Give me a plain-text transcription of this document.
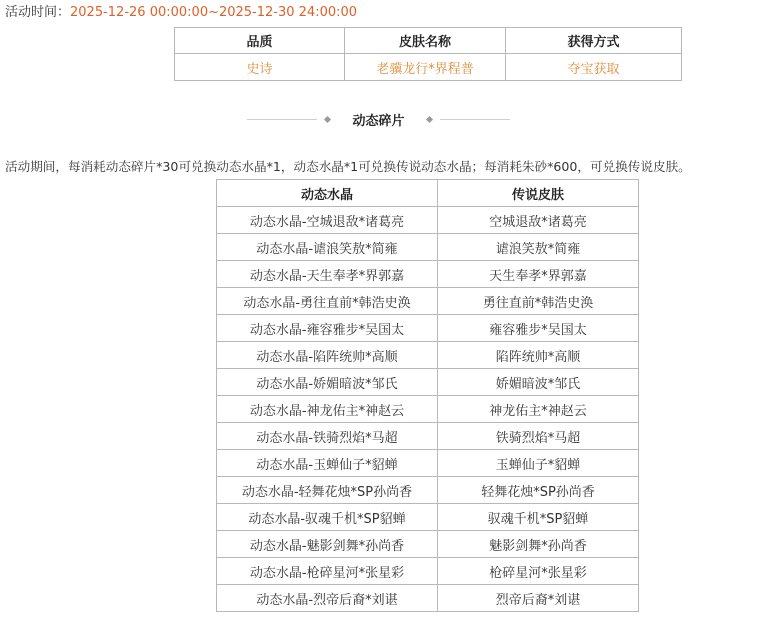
活动时间：2025-12-26 00:00:00~2025-12-30 24:00:00
品质	皮肤名称	获得方式
史诗	老骥龙行*界程普	夺宝获取
动态碎片
活动期间，每消耗动态碎片*30可兑换动态水晶*1，动态水晶*1可兑换传说动态水晶；每消耗朱砂*600，可兑换传说皮肤。
动态水晶	传说皮肤
动态水晶-空城退敌*诸葛亮	空城退敌*诸葛亮
动态水晶-谑浪笑敖*简雍	谑浪笑敖*简雍
动态水晶-天生奉孝*界郭嘉	天生奉孝*界郭嘉
动态水晶-勇往直前*韩浩史涣	勇往直前*韩浩史涣
动态水晶-雍容雅步*吴国太	雍容雅步*吴国太
动态水晶-陷阵统帅*高顺	陷阵统帅*高顺
动态水晶-娇媚暗波*邹氏	娇媚暗波*邹氏
动态水晶-神龙佑主*神赵云	神龙佑主*神赵云
动态水晶-铁骑烈焰*马超	铁骑烈焰*马超
动态水晶-玉蝉仙子*貂蝉	玉蝉仙子*貂蝉
动态水晶-轻舞花烛*SP孙尚香	轻舞花烛*SP孙尚香
动态水晶-驭魂千机*SP貂蝉	驭魂千机*SP貂蝉
动态水晶-魅影剑舞*孙尚香	魅影剑舞*孙尚香
动态水晶-枪碎星河*张星彩	枪碎星河*张星彩
动态水晶-烈帝后裔*刘谌	烈帝后裔*刘谌
